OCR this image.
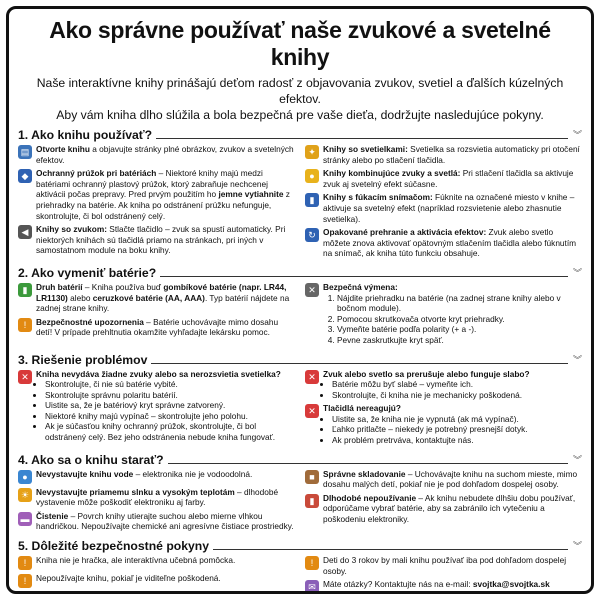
Ako správne používať naše zvukové a svetelné knihy
Naše interaktívne knihy prinášajú deťom radosť z objavovania zvukov, svetiel a ďalších kúzelných efektov.
Aby vám kniha dlho slúžila a bola bezpečná pre vaše dieťa, dodržujte nasledujúce pokyny.
1. Ako knihu používať?	︾
▤ Otvorte knihu a objavujte stránky plné obrázkov, zvukov a svetelných efektov.
◆ Ochranný prúžok pri batériách – Niektoré knihy majú medzi batériami ochranný plastový prúžok, ktorý zabraňuje nechcenej aktivácii počas prepravy. Pred prvým použitím ho jemne vytiahnite z priehradky na batérie. Ak kniha po odstránení prúžku nefunguje, skontrolujte, či bol odstránený celý.
◀ Knihy so zvukom: Stlačte tlačidlo – zvuk sa spustí automaticky. Pri niektorých knihách sú tlačidlá priamo na stránkach, pri iných v samostatnom module na boku knihy.
✦ Knihy so svetielkami: Svetielka sa rozsvietia automaticky pri otočení stránky alebo po stlačení tlačidla.
● Knihy kombinujúce zvuky a svetlá: Pri stlačení tlačidla sa aktivuje zvuk aj svetelný efekt súčasne.
▮ Knihy s fúkacím snímačom: Fúknite na označené miesto v knihe – aktivuje sa svetelný efekt (napríklad rozsvietenie alebo zhasnutie svetielka).
↻ Opakované prehranie a aktivácia efektov: Zvuk alebo svetlo môžete znova aktivovať opätovným stlačením tlačidla alebo fúknutím na snímač, ak kniha túto funkciu obsahuje.
2. Ako vymeniť batérie?	︾
▮ Druh batérií – Kniha používa buď gombíkové batérie (napr. LR44, LR1130) alebo ceruzkové batérie (AA, AAA). Typ batérií nájdete na zadnej strane knihy.
! Bezpečnostné upozornenia – Batérie uchovávajte mimo dosahu detí! V prípade prehltnutia okamžite vyhľadajte lekársku pomoc.
✕ Bezpečná výmena:
1. Nájdite priehradku na batérie (na zadnej strane knihy alebo v bočnom module).
2. Pomocou skrutkovača otvorte kryt priehradky.
3. Vymeňte batérie podľa polarity (+ a -).
4. Pevne zaskrutkujte kryt späť.
3. Riešenie problémov	︾
✕ Kniha nevydáva žiadne zvuky alebo sa nerozsvietia svetielka?
• Skontrolujte, či nie sú batérie vybité.
• Skontrolujte správnu polaritu batérií.
• Uistite sa, že je batériový kryt správne zatvorený.
• Niektoré knihy majú vypínač – skontrolujte jeho polohu.
• Ak je súčasťou knihy ochranný prúžok, skontrolujte, či bol odstránený celý. Bez jeho odstránenia nebude kniha fungovať.
✕ Zvuk alebo svetlo sa prerušuje alebo funguje slabo?
• Batérie môžu byť slabé – vymeňte ich.
• Skontrolujte, či kniha nie je mechanicky poškodená.
✕ Tlačidlá nereagujú?
• Uistite sa, že kniha nie je vypnutá (ak má vypínač).
• Ľahko pritlačte – niekedy je potrebný presnejší dotyk.
• Ak problém pretrváva, kontaktujte nás.
4. Ako sa o knihu starať?	︾
● Nevystavujte knihu vode – elektronika nie je vodoodolná.
☀ Nevystavujte priamemu slnku a vysokým teplotám – dlhodobé vystavenie môže poškodiť elektroniku aj farby.
▬ Čistenie – Povrch knihy utierajte suchou alebo mierne vlhkou handričkou. Nepoužívajte chemické ani agresívne čistiace prostriedky.
■ Správne skladovanie – Uchovávajte knihu na suchom mieste, mimo dosahu malých detí, pokiaľ nie je pod dohľadom dospelej osoby.
▮ Dlhodobé nepoužívanie – Ak knihu nebudete dlhšiu dobu používať, odporúčame vybrať batérie, aby sa zabránilo ich vytečeniu a poškodeniu elektroniky.
5. Dôležité bezpečnostné pokyny	︾
! Kniha nie je hračka, ale interaktívna učebná pomôcka.
! Nepoužívajte knihu, pokiaľ je viditeľne poškodená.
! Deti do 3 rokov by mali knihu používať iba pod dohľadom dospelej osoby.
✉ Máte otázky? Kontaktujte nás na e-mail: svojtka@svojtka.sk
